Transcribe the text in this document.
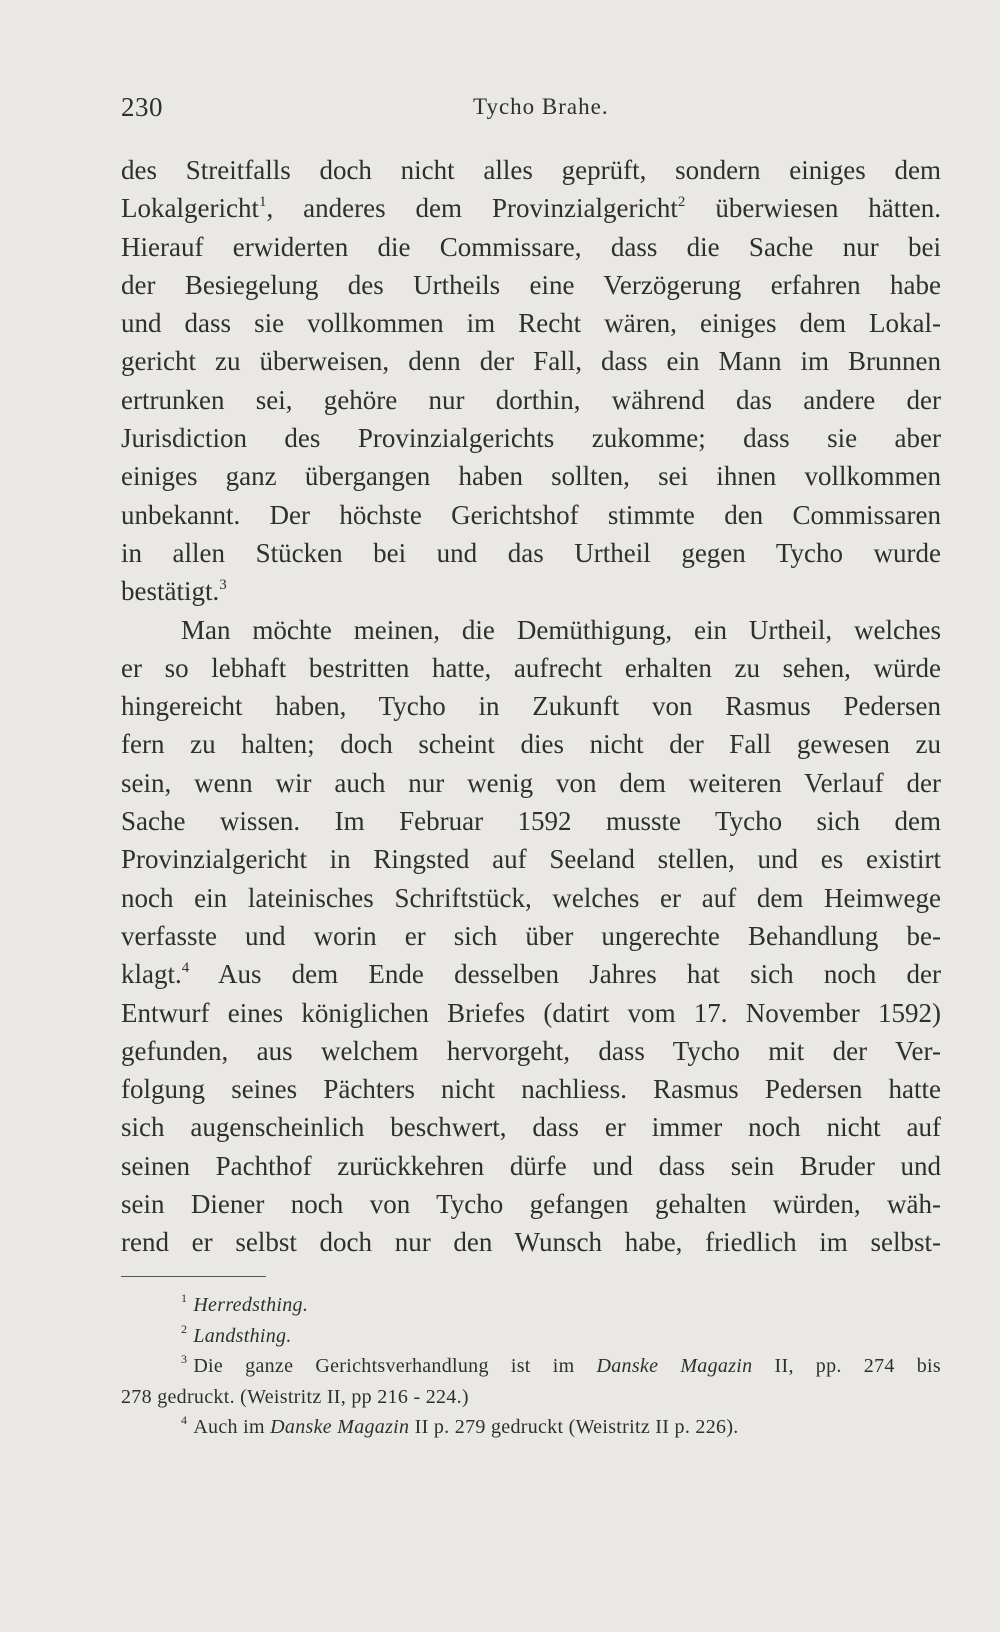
230	Tycho Brahe.
des Streitfalls doch nicht alles geprüft, sondern einiges dem
Lokalgericht$^1$, anderes dem Provinzialgericht$^2$ überwiesen hätten.
Hierauf erwiderten die Commissare, dass die Sache nur bei
der Besiegelung des Urtheils eine Verzögerung erfahren habe
und dass sie vollkommen im Recht wären, einiges dem Lokal-
gericht zu überweisen, denn der Fall, dass ein Mann im Brunnen
ertrunken sei, gehöre nur dorthin, während das andere der
Jurisdiction des Provinzialgerichts zukomme; dass sie aber
einiges ganz übergangen haben sollten, sei ihnen vollkommen
unbekannt. Der höchste Gerichtshof stimmte den Commissaren
in allen Stücken bei und das Urtheil gegen Tycho wurde
bestätigt.$^3$
Man möchte meinen, die Demüthigung, ein Urtheil, welches
er so lebhaft bestritten hatte, aufrecht erhalten zu sehen, würde
hingereicht haben, Tycho in Zukunft von Rasmus Pedersen
fern zu halten; doch scheint dies nicht der Fall gewesen zu
sein, wenn wir auch nur wenig von dem weiteren Verlauf der
Sache wissen. Im Februar 1592 musste Tycho sich dem
Provinzialgericht in Ringsted auf Seeland stellen, und es existirt
noch ein lateinisches Schriftstück, welches er auf dem Heimwege
verfasste und worin er sich über ungerechte Behandlung be-
klagt.$^4$ Aus dem Ende desselben Jahres hat sich noch der
Entwurf eines königlichen Briefes (datirt vom 17. November 1592)
gefunden, aus welchem hervorgeht, dass Tycho mit der Ver-
folgung seines Pächters nicht nachliess. Rasmus Pedersen hatte
sich augenscheinlich beschwert, dass er immer noch nicht auf
seinen Pachthof zurückkehren dürfe und dass sein Bruder und
sein Diener noch von Tycho gefangen gehalten würden, wäh-
rend er selbst doch nur den Wunsch habe, friedlich im selbst-
$^1$ Herredsthing.
$^2$ Landsthing.
$^3$ Die ganze Gerichtsverhandlung ist im Danske Magazin II, pp. 274 bis
278 gedruckt. (Weistritz II, pp 216 - 224.)
$^4$ Auch im Danske Magazin II p. 279 gedruckt (Weistritz II p. 226).
